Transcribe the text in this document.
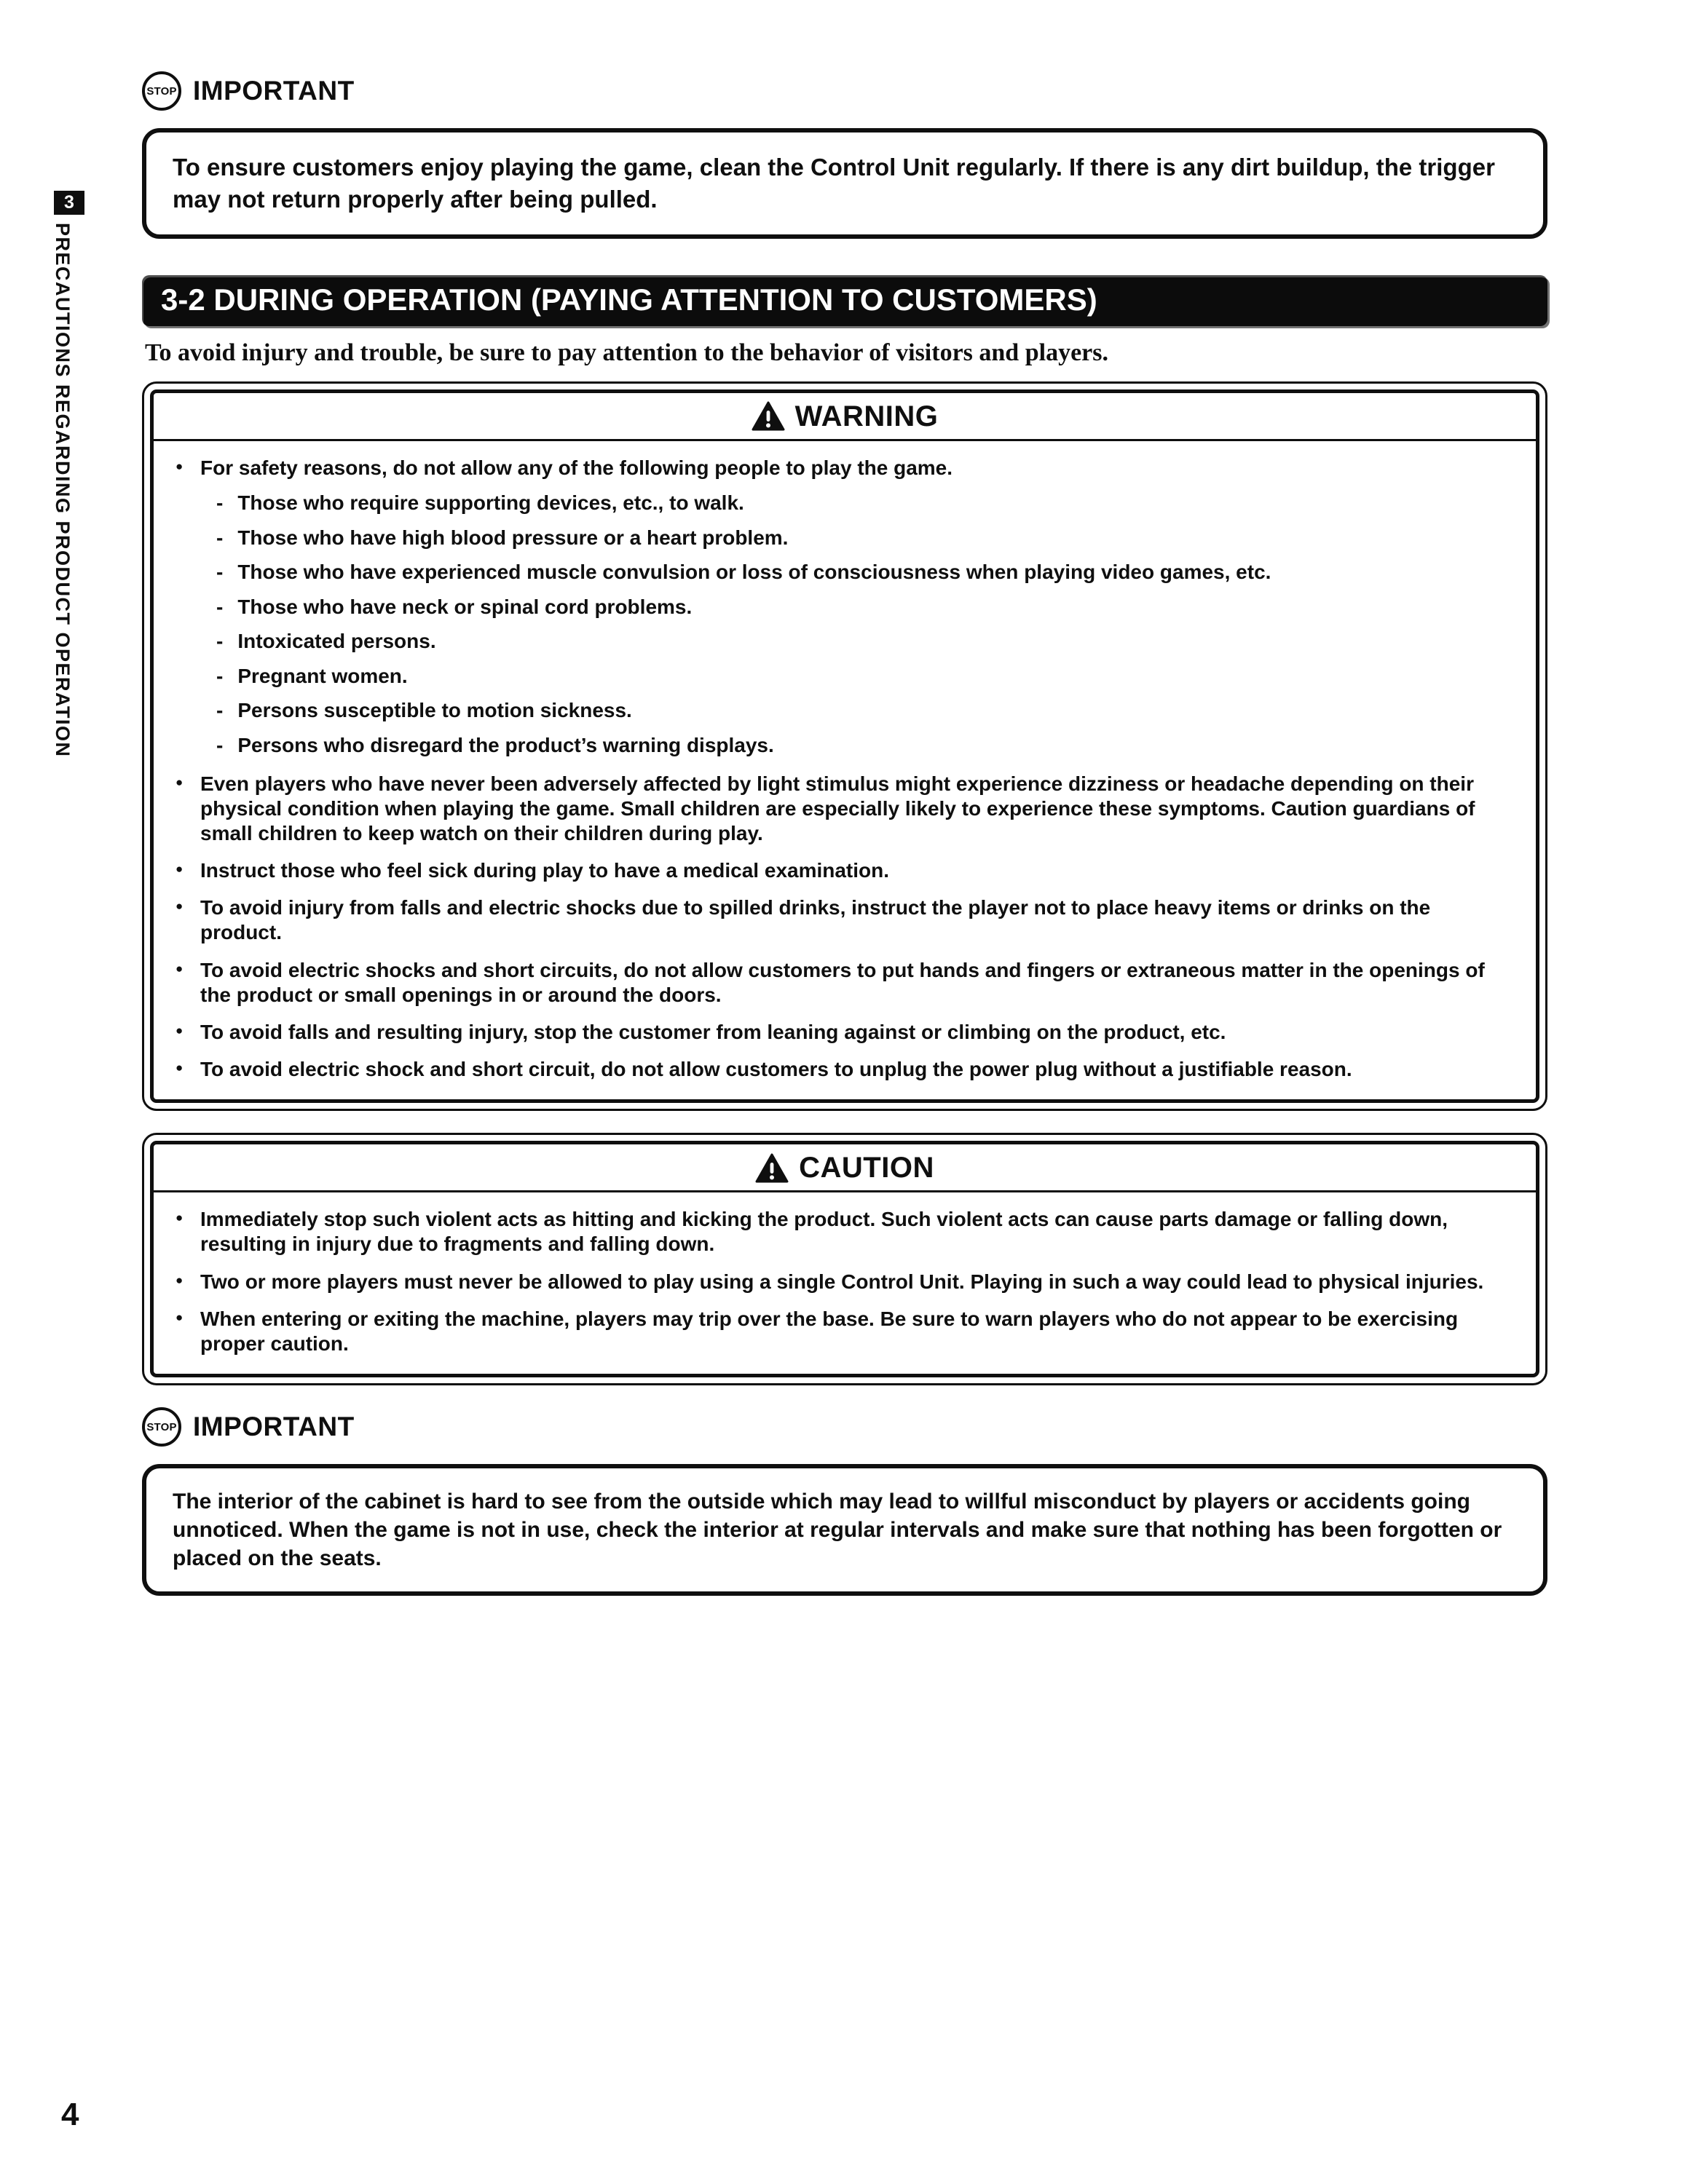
3
PRECAUTIONS REGARDING PRODUCT OPERATION
STOP IMPORTANT
To ensure customers enjoy playing the game, clean the Control Unit regularly. If there is any dirt buildup, the trigger may not return properly after being pulled.
3-2 DURING OPERATION (PAYING ATTENTION TO CUSTOMERS)
To avoid injury and trouble, be sure to pay attention to the behavior of visitors and players.
WARNING
●
For safety reasons, do not allow any of the following people to play the game.
-
Those who require supporting devices, etc., to walk.
-
Those who have high blood pressure or a heart problem.
-
Those who have experienced muscle convulsion or loss of consciousness when playing video games, etc.
-
Those who have neck or spinal cord problems.
-
Intoxicated persons.
-
Pregnant women.
-
Persons susceptible to motion sickness.
-
Persons who disregard the product’s warning displays.
●
Even players who have never been adversely affected by light stimulus might experience dizziness or headache depending on their physical condition when playing the game. Small children are especially likely to experience these symptoms. Caution guardians of small children to keep watch on their children during play.
●
Instruct those who feel sick during play to have a medical examination.
●
To avoid injury from falls and electric shocks due to spilled drinks, instruct the player not to place heavy items or drinks on the product.
●
To avoid electric shocks and short circuits, do not allow customers to put hands and fingers or extraneous matter in the openings of the product or small openings in or around the doors.
●
To avoid falls and resulting injury, stop the customer from leaning against or climbing on the product, etc.
●
To avoid electric shock and short circuit, do not allow customers to unplug the power plug without a justifiable reason.
CAUTION
●
Immediately stop such violent acts as hitting and kicking the product. Such violent acts can cause parts damage or falling down, resulting in injury due to fragments and falling down.
●
Two or more players must never be allowed to play using a single Control Unit. Playing in such a way could lead to physical injuries.
●
When entering or exiting the machine, players may trip over the base. Be sure to warn players who do not appear to be exercising proper caution.
STOP IMPORTANT
The interior of the cabinet is hard to see from the outside which may lead to willful misconduct by players or accidents going unnoticed. When the game is not in use, check the interior at regular intervals and make sure that nothing has been forgotten or placed on the seats.
4
